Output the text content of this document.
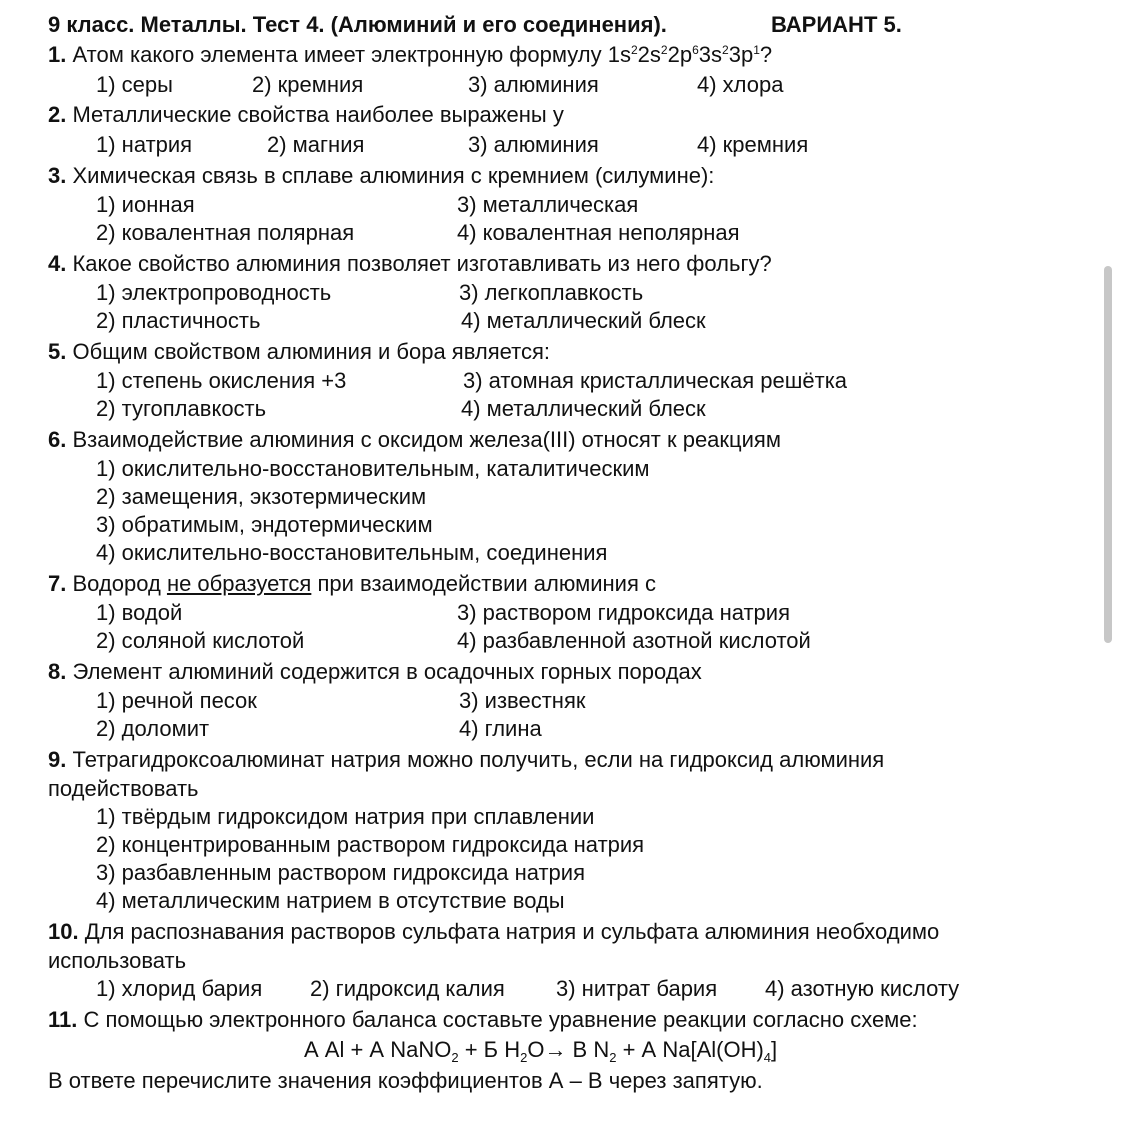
9 класс. Металлы. Тест 4. (Алюминий и его соединения).	ВАРИАНТ 5.
1. Атом какого элемента имеет электронную формулу $1s^22s^22p^63s^23p^1$?
1) серы	2) кремния	3) алюминия	4) хлора
2. Металлические свойства наиболее выражены у
1) натрия	2) магния	3) алюминия	4) кремния
3. Химическая связь в сплаве алюминия с кремнием (силумине):
1) ионная	3) металлическая
2) ковалентная полярная	4) ковалентная неполярная
4. Какое свойство алюминия позволяет изготавливать из него фольгу?
1) электропроводность	3) легкоплавкость
2) пластичность	4) металлический блеск
5. Общим свойством алюминия и бора является:
1) степень окисления +3	3) атомная кристаллическая решётка
2) тугоплавкость	4) металлический блеск
6. Взаимодействие алюминия с оксидом железа(III) относят к реакциям
1) окислительно-восстановительным, каталитическим
2) замещения, экзотермическим
3) обратимым, эндотермическим
4) окислительно-восстановительным, соединения
7. Водород не образуется при взаимодействии алюминия с
1) водой	3) раствором гидроксида натрия
2) соляной кислотой	4) разбавленной азотной кислотой
8. Элемент алюминий содержится в осадочных горных породах
1) речной песок	3) известняк
2) доломит	4) глина
9. Тетрагидроксоалюминат натрия можно получить, если на гидроксид алюминия
подействовать
1) твёрдым гидроксидом натрия при сплавлении
2) концентрированным раствором гидроксида натрия
3) разбавленным раствором гидроксида натрия
4) металлическим натрием в отсутствие воды
10. Для распознавания растворов сульфата натрия и сульфата алюминия необходимо
использовать
1) хлорид бария 2) гидроксид калия 3) нитрат бария 4) азотную кислоту
11. С помощью электронного баланса составьте уравнение реакции согласно схеме:
А Al + А NaNO$_2$ + Б $H_2O\to В$ $N_2 + А$ $Na[Al(OH)_4]$
В ответе перечислите значения коэффициентов А – В через запятую.
